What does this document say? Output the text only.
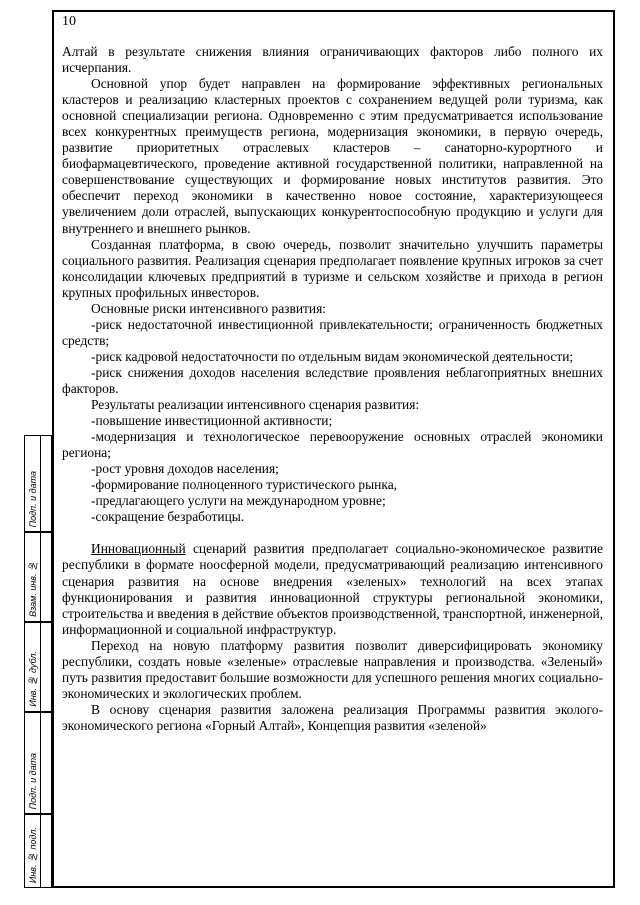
10
Подп. и дата
Взам. инв. №
Инв. № дубл.
Подп. и дата
Инв. № подл.

Алтай в результате снижения влияния ограничивающих факторов либо полного их исчерпания.

Основной упор будет направлен на формирование эффективных региональных кластеров и реализацию кластерных проектов с сохранением ведущей роли туризма, как основной специализации региона. Одновременно с этим предусматривается использование всех конкурентных преимуществ региона, модернизация экономики, в первую очередь, развитие приоритетных отраслевых кластеров – санаторно-курортного и биофармацевтического, проведение активной государственной политики, направленной на совершенствование существующих и формирование новых институтов развития. Это обеспечит переход экономики в качественно новое состояние, характеризующееся увеличением доли отраслей, выпускающих конкурентоспособную продукцию и услуги для внутреннего и внешнего рынков.

Созданная платформа, в свою очередь, позволит значительно улучшить параметры социального развития. Реализация сценария предполагает появление крупных игроков за счет консолидации ключевых предприятий в туризме и сельском хозяйстве и прихода в регион крупных профильных инвесторов.

Основные риски интенсивного развития:

-риск недостаточной инвестиционной привлекательности; ограниченность бюджетных средств;

-риск кадровой недостаточности по отдельным видам экономической деятельности;

-риск снижения доходов населения вследствие проявления неблагоприятных внешних факторов.

Результаты реализации интенсивного сценария развития:

-повышение инвестиционной активности;

-модернизация и технологическое перевооружение основных отраслей экономики региона;

-рост уровня доходов населения;

-формирование полноценного туристического рынка,

-предлагающего услуги на международном уровне;

-сокращение безработицы.

Инновационный сценарий развития предполагает социально-экономическое развитие республики в формате ноосферной модели, предусматривающий реализацию интенсивного сценария развития на основе внедрения «зеленых» технологий на всех этапах функционирования и развития инновационной структуры региональной экономики, строительства и введения в действие объектов производственной, транспортной, инженерной, информационной и социальной инфраструктур.

Переход на новую платформу развития позволит диверсифицировать экономику республики, создать новые «зеленые» отраслевые направления и производства. «Зеленый» путь развития предоставит большие возможности для успешного решения многих социально-экономических и экологических проблем.

В основу сценария развития заложена реализация Программы развития эколого-экономического региона «Горный Алтай», Концепция развития «зеленой»
